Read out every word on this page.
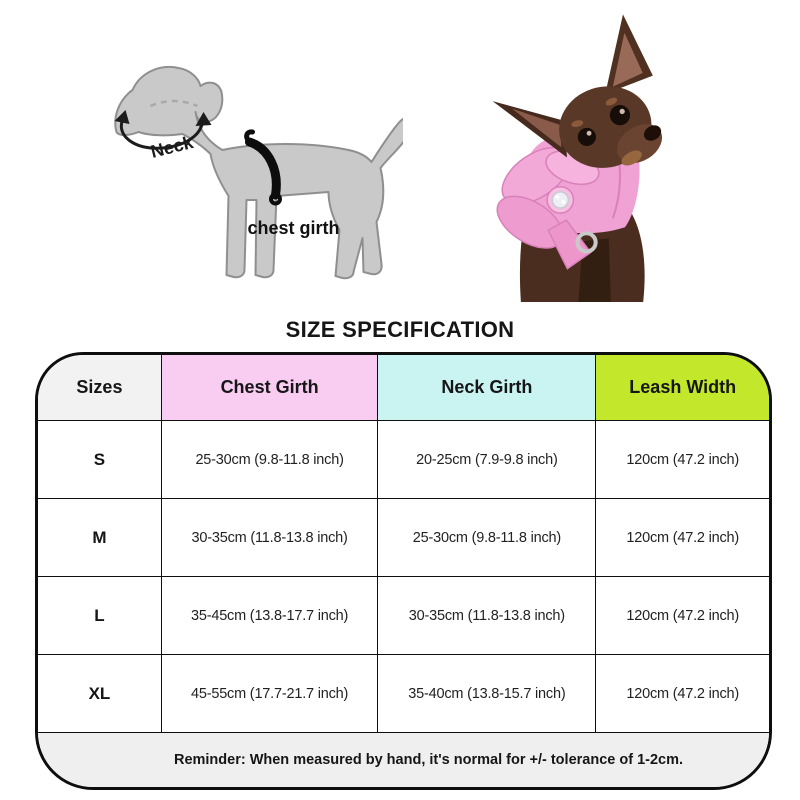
Neck
chest girth
SIZE SPECIFICATION
Sizes	Chest Girth	Neck Girth	Leash Width
S	25-30cm (9.8-11.8 inch)	20-25cm (7.9-9.8 inch)	120cm (47.2 inch)
M	30-35cm (11.8-13.8 inch)	25-30cm (9.8-11.8 inch)	120cm (47.2 inch)
L	35-45cm (13.8-17.7 inch)	30-35cm (11.8-13.8 inch)	120cm (47.2 inch)
XL	45-55cm (17.7-21.7 inch)	35-40cm (13.8-15.7 inch)	120cm (47.2 inch)
Reminder: When measured by hand, it's normal for +/- tolerance of 1-2cm.
